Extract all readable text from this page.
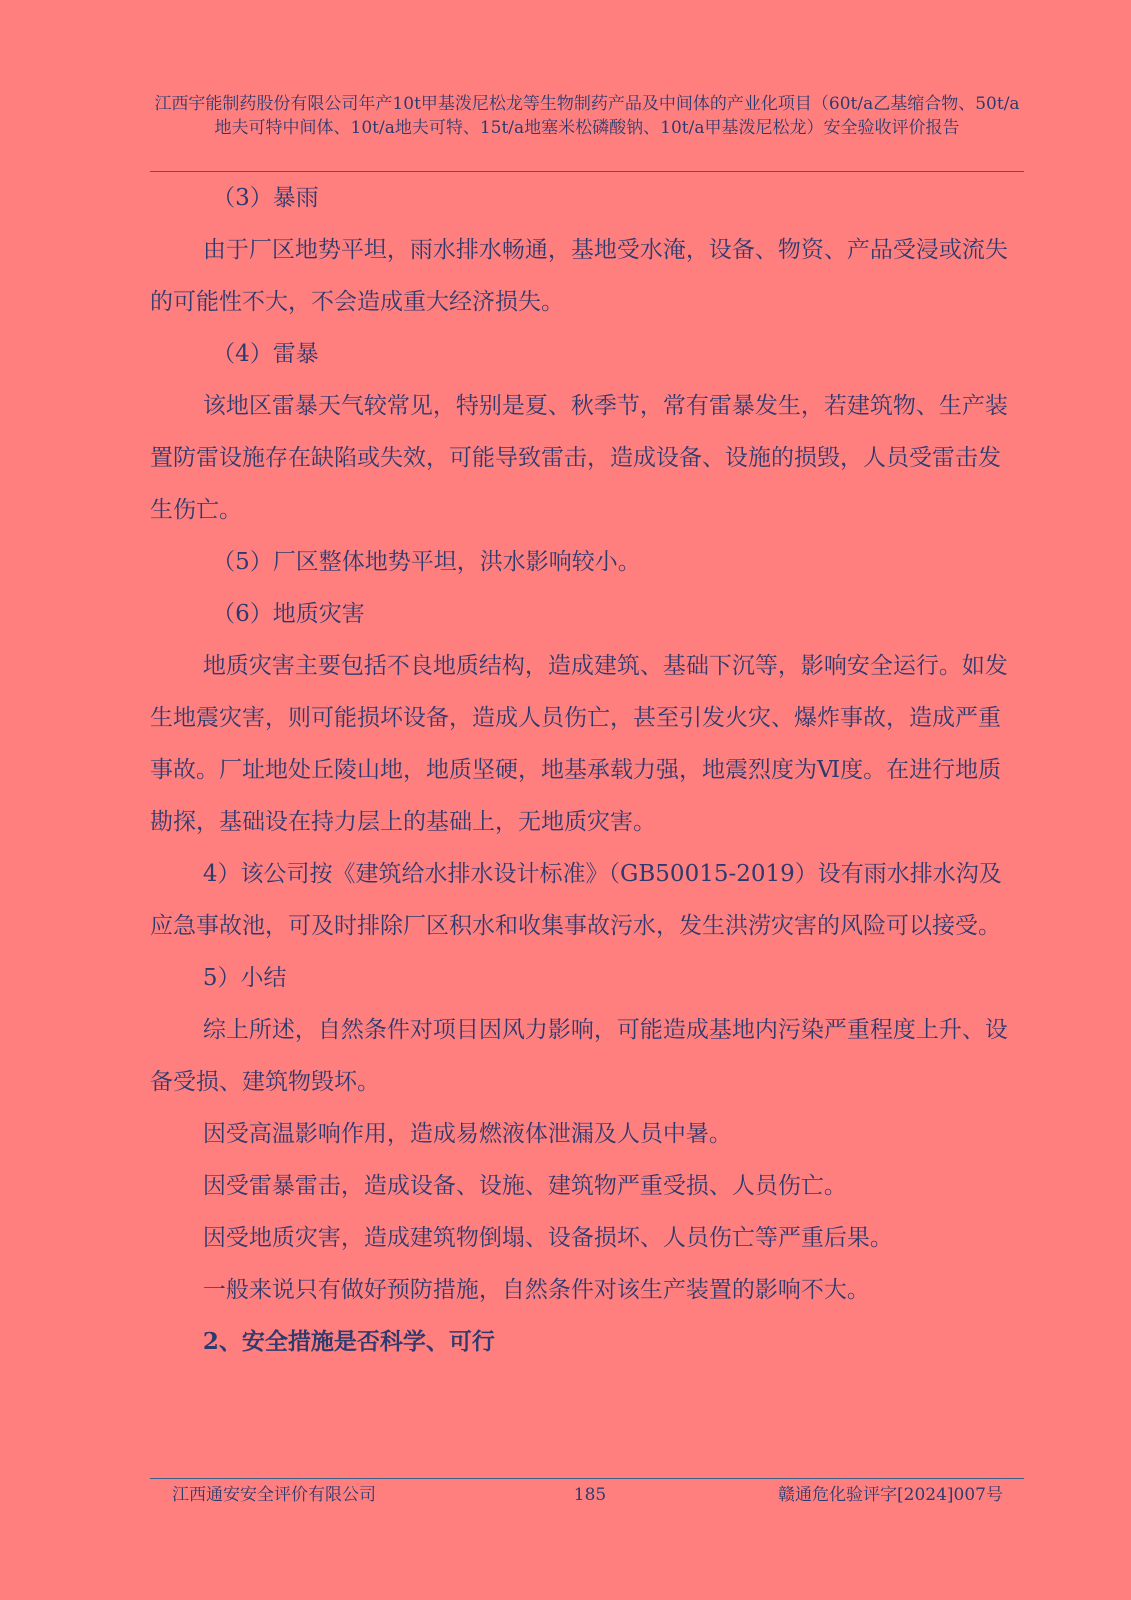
江西宇能制药股份有限公司年产10t甲基泼尼松龙等生物制药产品及中间体的产业化项目（60t/a乙基缩合物、50t/a地夫可特中间体、10t/a地夫可特、15t/a地塞米松磷酸钠、10t/a甲基泼尼松龙）安全验收评价报告

（3）暴雨

由于厂区地势平坦，雨水排水畅通，基地受水淹，设备、物资、产品受浸或流失的可能性不大，不会造成重大经济损失。

（4）雷暴

该地区雷暴天气较常见，特别是夏、秋季节，常有雷暴发生，若建筑物、生产装置防雷设施存在缺陷或失效，可能导致雷击，造成设备、设施的损毁，人员受雷击发生伤亡。

（5）厂区整体地势平坦，洪水影响较小。

（6）地质灾害

地质灾害主要包括不良地质结构，造成建筑、基础下沉等，影响安全运行。如发生地震灾害，则可能损坏设备，造成人员伤亡，甚至引发火灾、爆炸事故，造成严重事故。厂址地处丘陵山地，地质坚硬，地基承载力强，地震烈度为Ⅵ度。在进行地质勘探，基础设在持力层上的基础上，无地质灾害。

4）该公司按《建筑给水排水设计标准》（GB50015-2019）设有雨水排水沟及应急事故池，可及时排除厂区积水和收集事故污水，发生洪涝灾害的风险可以接受。

5）小结

综上所述，自然条件对项目因风力影响，可能造成基地内污染严重程度上升、设备受损、建筑物毁坏。

因受高温影响作用，造成易燃液体泄漏及人员中暑。

因受雷暴雷击，造成设备、设施、建筑物严重受损、人员伤亡。

因受地质灾害，造成建筑物倒塌、设备损坏、人员伤亡等严重后果。

一般来说只有做好预防措施，自然条件对该生产装置的影响不大。

2、安全措施是否科学、可行

江西通安安全评价有限公司	185	赣通危化验评字[2024]007号
